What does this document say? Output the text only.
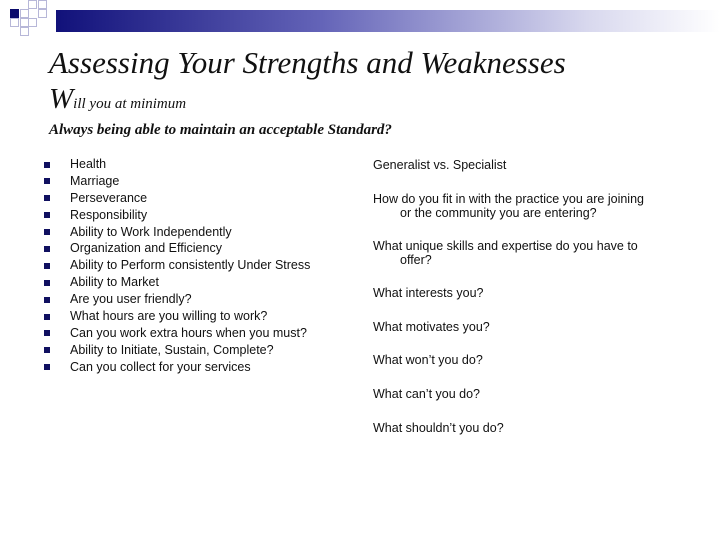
Assessing Your Strengths and Weaknesses

Will you at minimum

Always being able to maintain an acceptable Standard?

Health
Marriage
Perseverance
Responsibility
Ability to Work Independently
Organization and Efficiency
Ability to Perform consistently Under Stress
Ability to Market
Are you user friendly?
What hours are you willing to work?
Can you work extra hours when you must?
Ability to Initiate, Sustain, Complete?
Can you collect for your services
Generalist vs. Specialist
How do you fit in with the practice you are joining
or the community you are entering?
What unique skills and expertise do you have to
offer?
What interests you?
What motivates you?
What won’t you do?
What can’t you do?
What shouldn’t you do?
